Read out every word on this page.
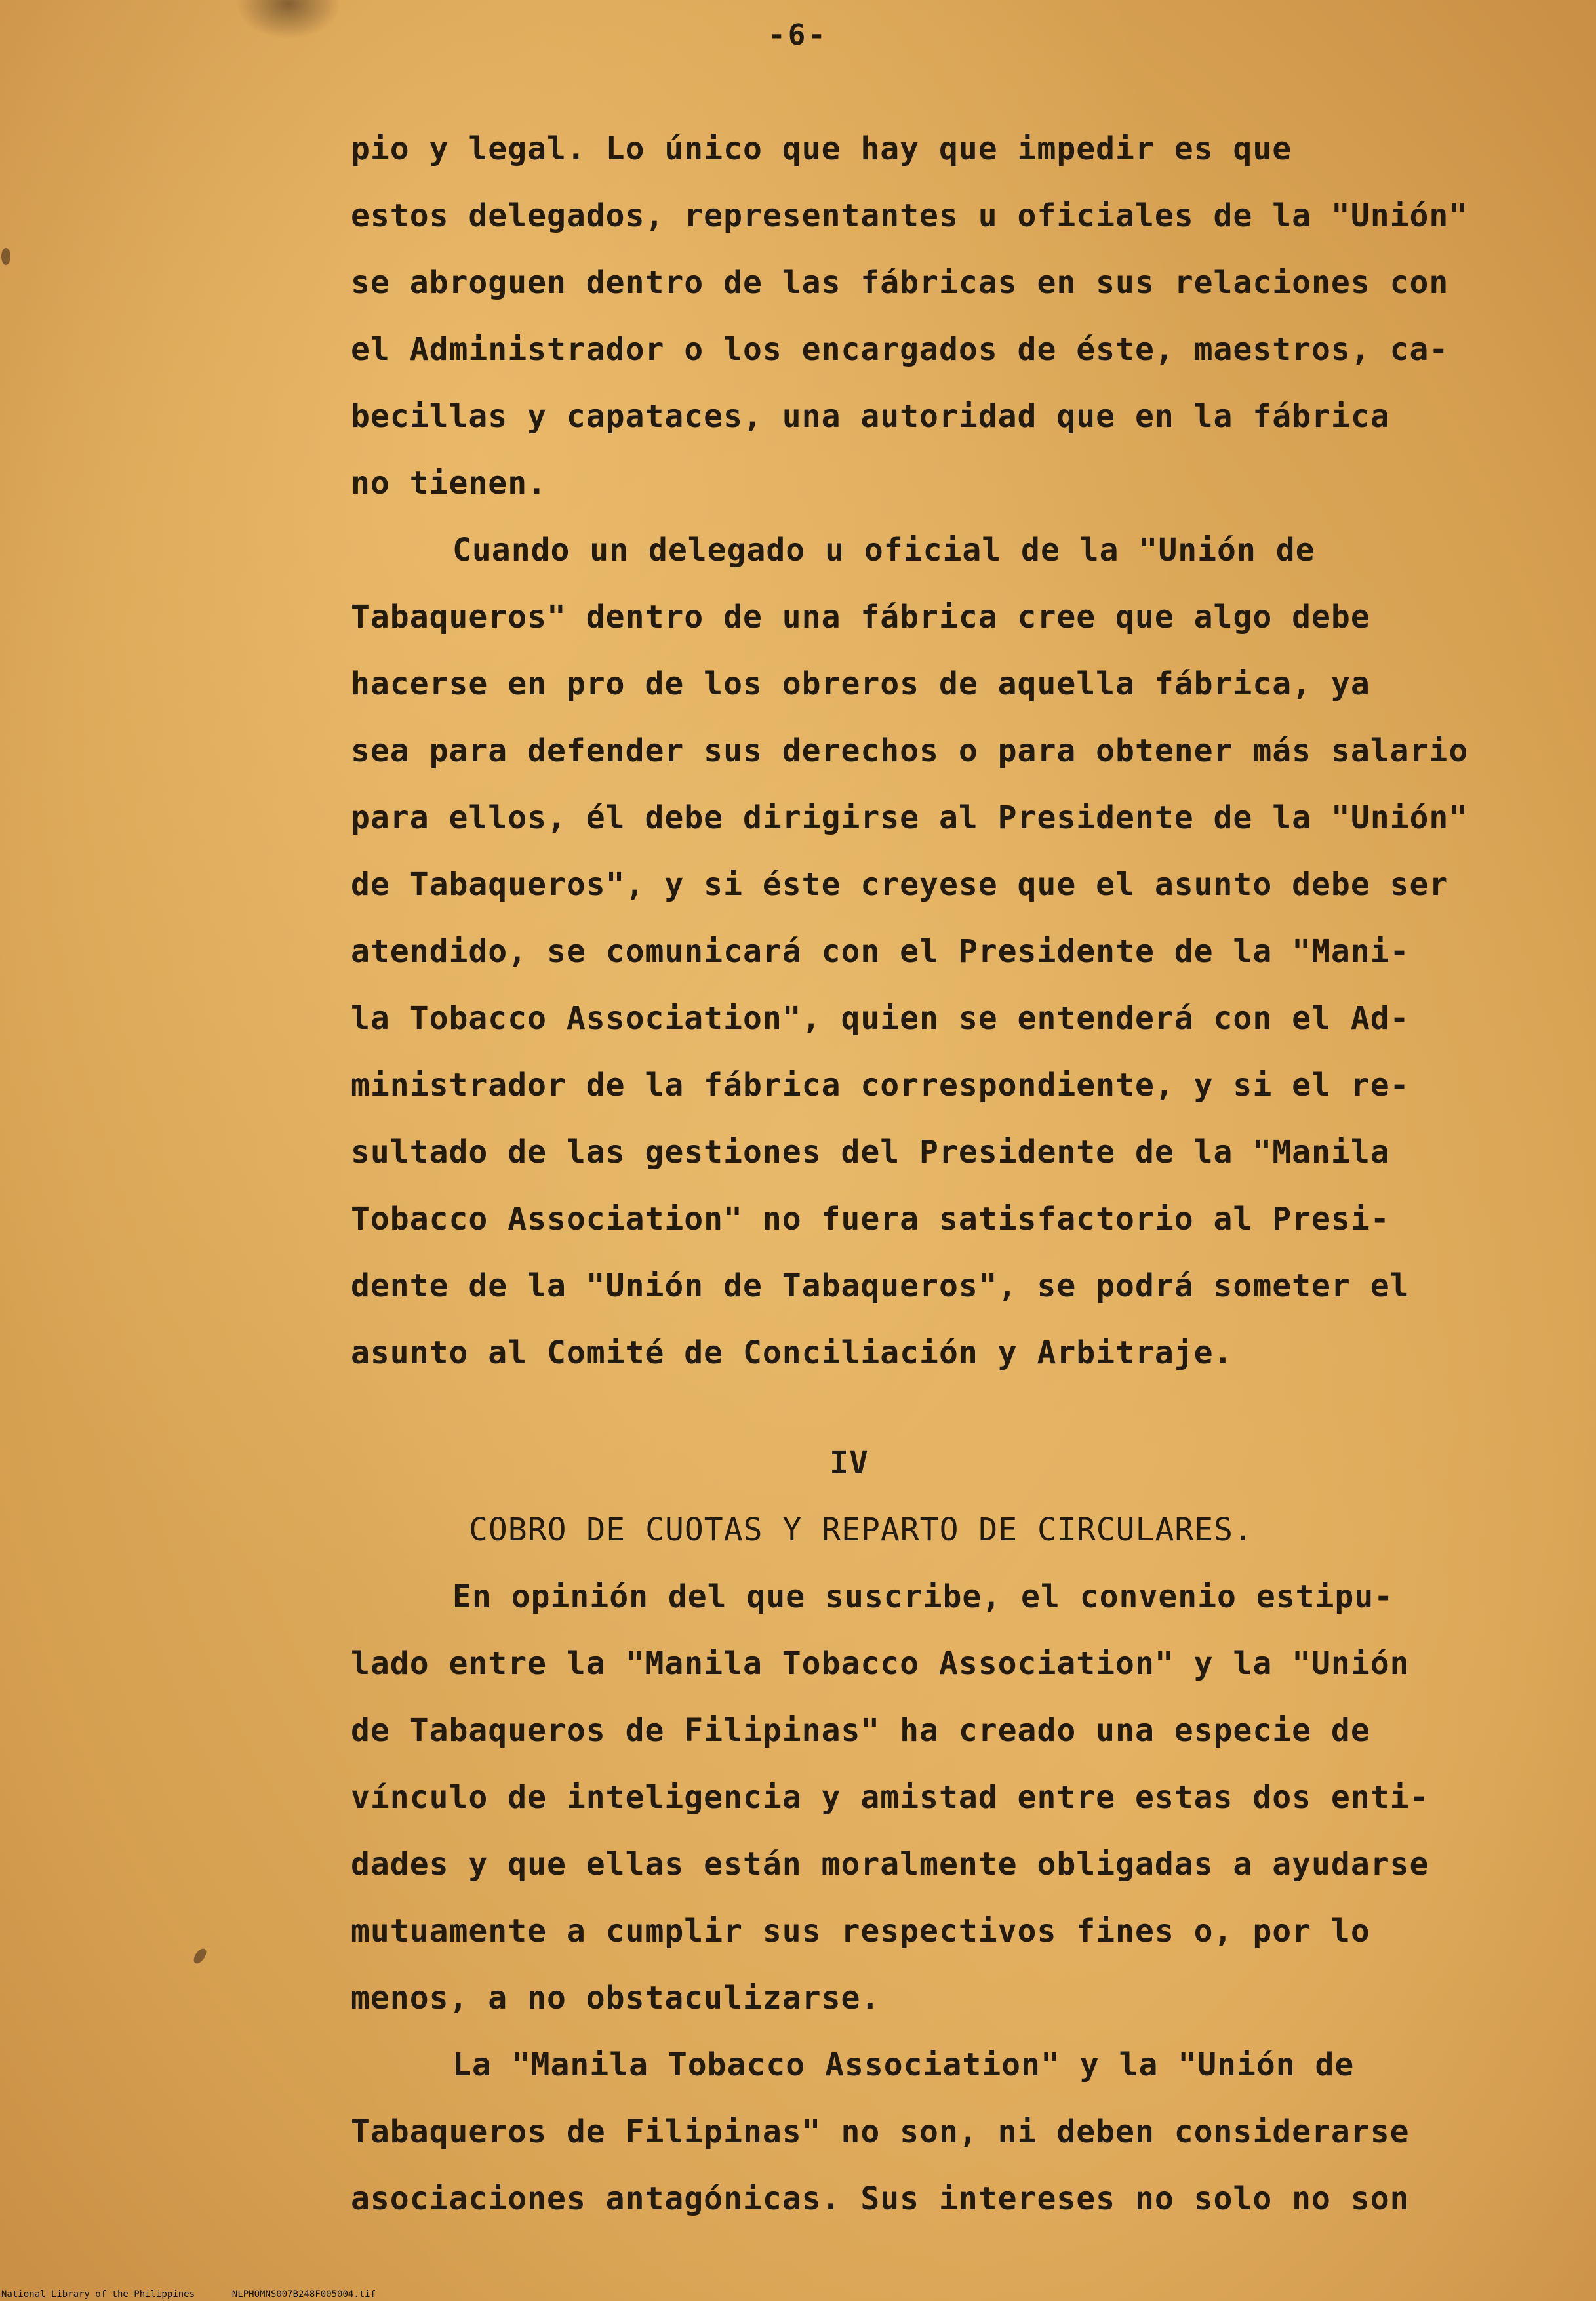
-6-
pio y legal. Lo único que hay que impedir es que
estos delegados, representantes u oficiales de la "Unión"
se abroguen dentro de las fábricas en sus relaciones con
el Administrador o los encargados de éste, maestros, ca-
becillas y capataces, una autoridad que en la fábrica
no tienen.
Cuando un delegado u oficial de la "Unión de
Tabaqueros" dentro de una fábrica cree que algo debe
hacerse en pro de los obreros de aquella fábrica, ya
sea para defender sus derechos o para obtener más salario
para ellos, él debe dirigirse al Presidente de la "Unión"
de Tabaqueros", y si éste creyese que el asunto debe ser
atendido, se comunicará con el Presidente de la "Mani-
la Tobacco Association", quien se entenderá con el Ad-
ministrador de la fábrica correspondiente, y si el re-
sultado de las gestiones del Presidente de la "Manila
Tobacco Association" no fuera satisfactorio al Presi-
dente de la "Unión de Tabaqueros", se podrá someter el
asunto al Comité de Conciliación y Arbitraje.
IV
COBRO DE CUOTAS Y REPARTO DE CIRCULARES.
En opinión del que suscribe, el convenio estipu-
lado entre la "Manila Tobacco Association" y la "Unión
de Tabaqueros de Filipinas" ha creado una especie de
vínculo de inteligencia y amistad entre estas dos enti-
dades y que ellas están moralmente obligadas a ayudarse
mutuamente a cumplir sus respectivos fines o, por lo
menos, a no obstaculizarse.
La "Manila Tobacco Association" y la "Unión de
Tabaqueros de Filipinas" no son, ni deben considerarse
asociaciones antagónicas. Sus intereses no solo no son
National Library of the Philippines	NLPHOMNS007B248F005004.tif
